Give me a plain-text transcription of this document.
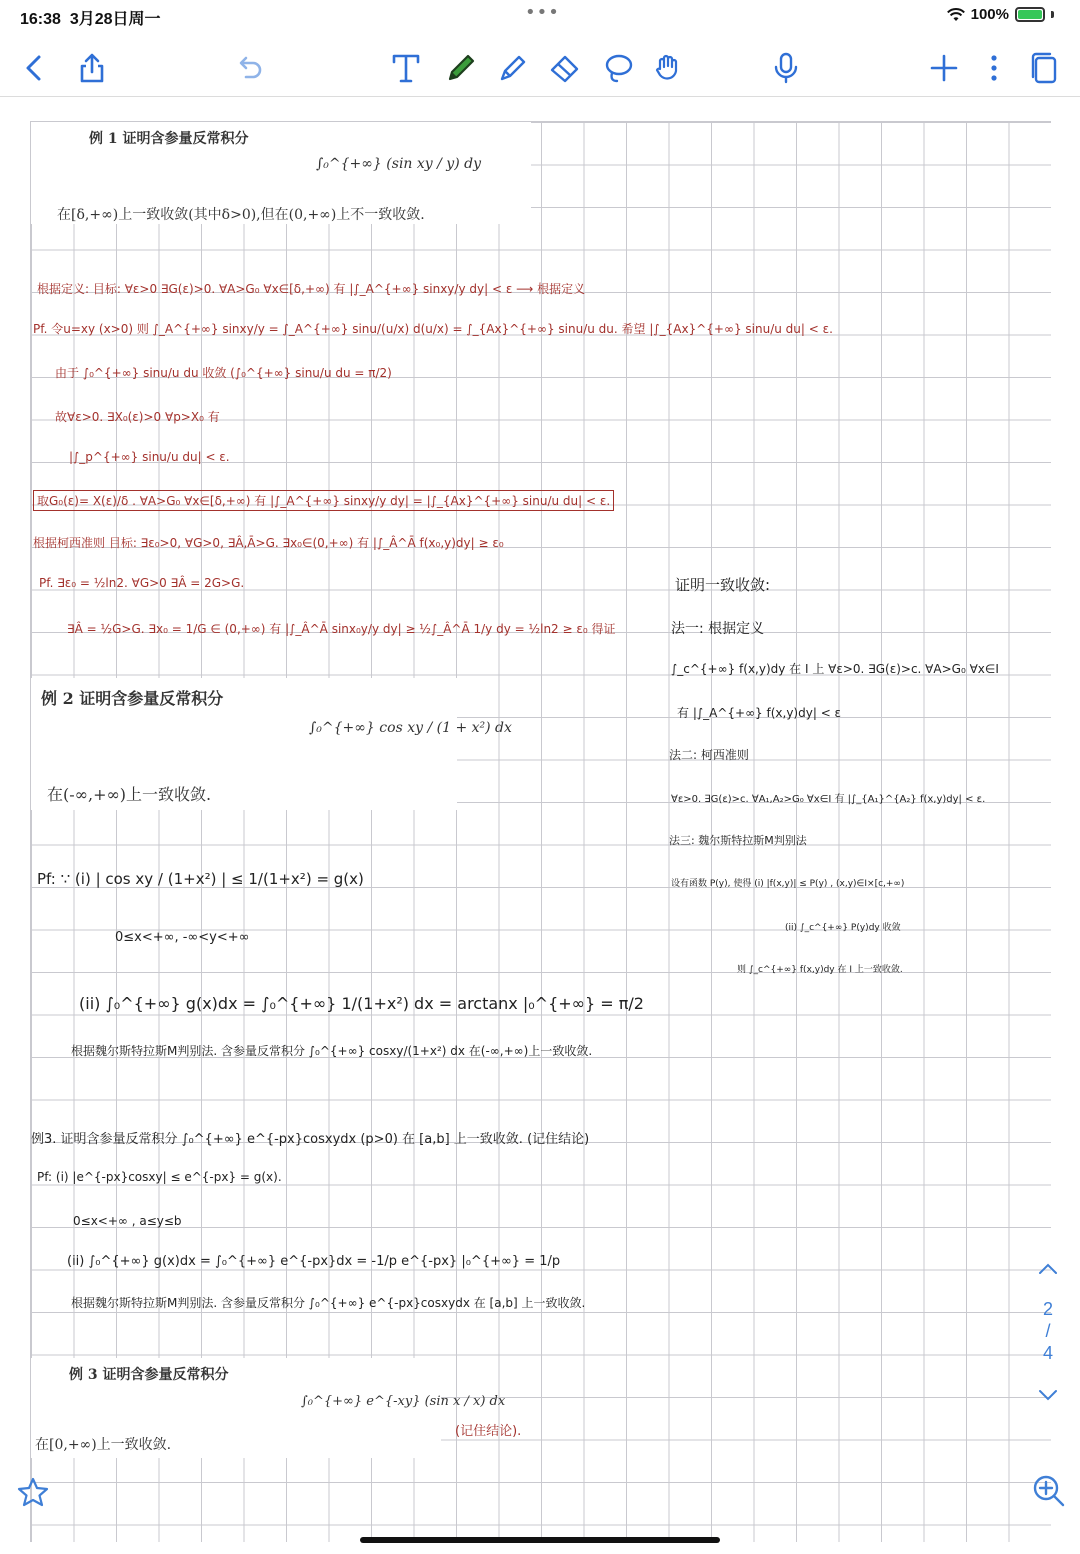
16:38 3月28日周一	•••	100%
例 1 证明含参量反常积分
∫₀^{+∞} (sin xy / y) dy
在[δ,+∞)上一致收敛(其中δ>0),但在(0,+∞)上不一致收敛.
根据定义: 目标: ∀ε>0 ∃G(ε)>0. ∀A>G₀ ∀x∈[δ,+∞) 有 |∫_A^{+∞} sinxy/y dy| < ε ⟶ 根据定义
Pf. 令u=xy (x>0) 则 ∫_A^{+∞} sinxy/y = ∫_A^{+∞} sinu/(u/x) d(u/x) = ∫_{Ax}^{+∞} sinu/u du. 希望 |∫_{Ax}^{+∞} sinu/u du| < ε.
由于 ∫₀^{+∞} sinu/u du 收敛 (∫₀^{+∞} sinu/u du = π/2)
故∀ε>0. ∃X₀(ε)>0 ∀p>X₀ 有
|∫_p^{+∞} sinu/u du| < ε.
取G₀(ε)= X(ε)/δ . ∀A>G₀ ∀x∈[δ,+∞) 有 |∫_A^{+∞} sinxy/y dy| = |∫_{Ax}^{+∞} sinu/u du| < ε.
根据柯西准则 目标: ∃ε₀>0, ∀G>0, ∃Â,Ā>G. ∃x₀∈(0,+∞) 有 |∫_Â^Ā f(x₀,y)dy| ≥ ε₀
Pf. ∃ε₀ = ½ln2. ∀G>0 ∃Â = 2G>G.
∃Â = ½G>G. ∃x₀ = 1/G ∈ (0,+∞) 有 |∫_Â^Ā sinx₀y/y dy| ≥ ½∫_Â^Ā 1/y dy = ½ln2 ≥ ε₀ 得证
证明一致收敛:
法一: 根据定义
∫_c^{+∞} f(x,y)dy 在 I 上 ∀ε>0. ∃G(ε)>c. ∀A>G₀ ∀x∈I
有 |∫_A^{+∞} f(x,y)dy| < ε
法二: 柯西准则
∀ε>0. ∃G(ε)>c. ∀A₁,A₂>G₀ ∀x∈I 有 |∫_{A₁}^{A₂} f(x,y)dy| < ε.
法三: 魏尔斯特拉斯M判别法
设有函数 P(y), 使得 (i) |f(x,y)| ≤ P(y) , (x,y)∈I×[c,+∞)
(ii) ∫_c^{+∞} P(y)dy 收敛
则 ∫_c^{+∞} f(x,y)dy 在 I 上一致收敛.
例 2 证明含参量反常积分
∫₀^{+∞} cos xy / (1 + x²) dx
在(-∞,+∞)上一致收敛.
Pf: ∵ (i) | cos xy / (1+x²) | ≤ 1/(1+x²) = g(x)
0≤x<+∞, -∞<y<+∞
(ii) ∫₀^{+∞} g(x)dx = ∫₀^{+∞} 1/(1+x²) dx = arctanx |₀^{+∞} = π/2
根据魏尔斯特拉斯M判别法. 含参量反常积分 ∫₀^{+∞} cosxy/(1+x²) dx 在(-∞,+∞)上一致收敛.
例3. 证明含参量反常积分 ∫₀^{+∞} e^{-px}cosxydx (p>0) 在 [a,b] 上一致收敛. (记住结论)
Pf: (i) |e^{-px}cosxy| ≤ e^{-px} = g(x).
0≤x<+∞ , a≤y≤b
(ii) ∫₀^{+∞} g(x)dx = ∫₀^{+∞} e^{-px}dx = -1/p e^{-px} |₀^{+∞} = 1/p
根据魏尔斯特拉斯M判别法. 含参量反常积分 ∫₀^{+∞} e^{-px}cosxydx 在 [a,b] 上一致收敛.
例 3 证明含参量反常积分
∫₀^{+∞} e^{-xy} (sin x / x) dx
在[0,+∞)上一致收敛.
(记住结论).
2
/
4
